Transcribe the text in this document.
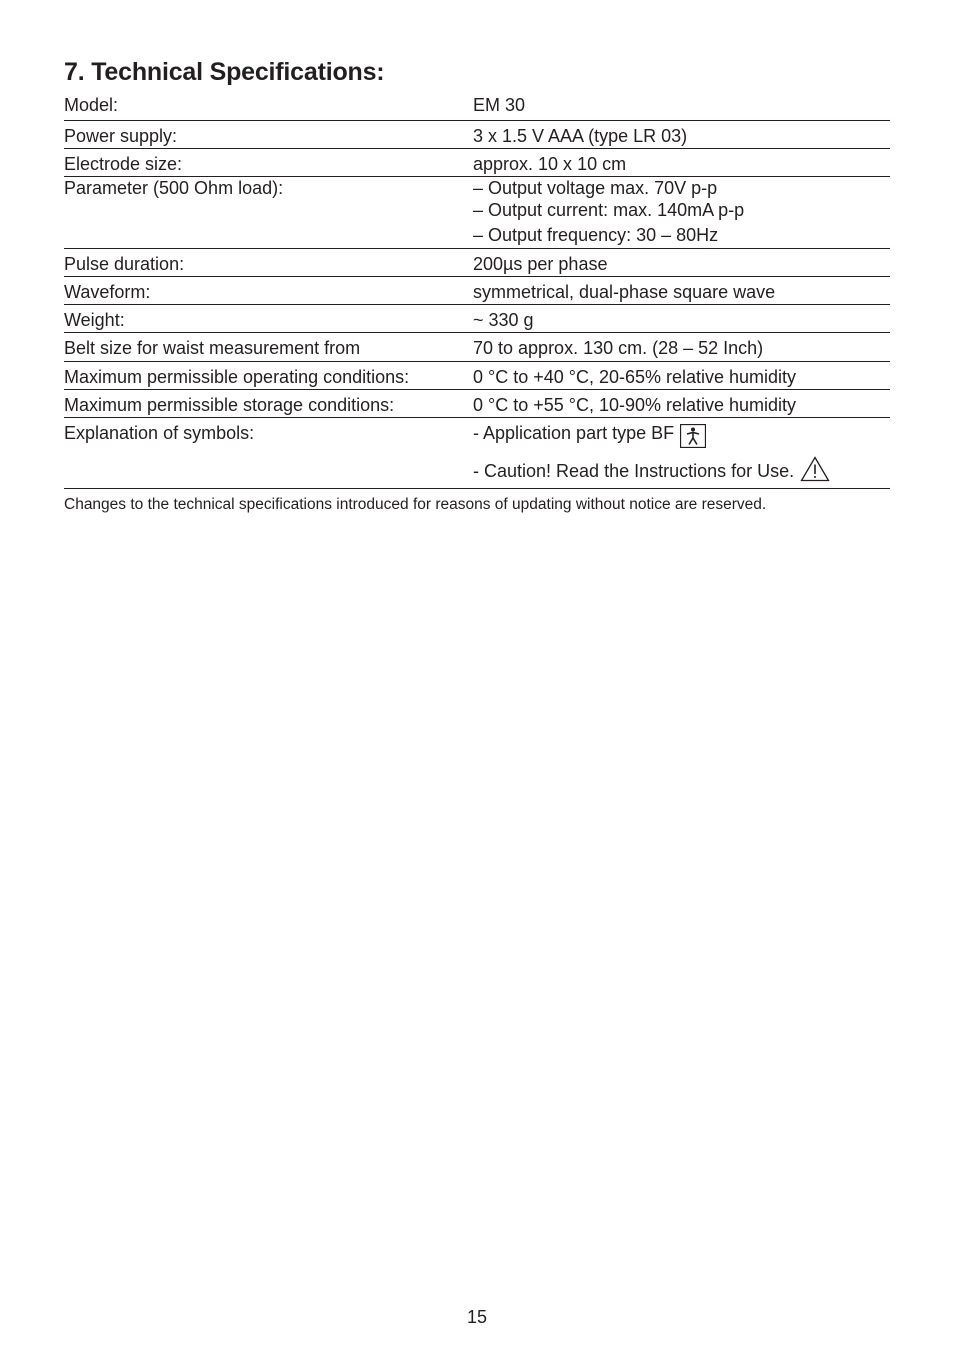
7. Technical Specifications:
Model:	EM 30
Power supply:	3 x 1.5 V AAA (type LR 03)
Electrode size:	approx. 10 x 10 cm
Parameter (500 Ohm load):	– Output voltage max. 70V p-p
– Output current: max. 140mA p-p
– Output frequency: 30 – 80Hz
Pulse duration:	200µs per phase
Waveform:	symmetrical, dual-phase square wave
Weight:	~ 330 g
Belt size for waist measurement from	70 to approx. 130 cm. (28 – 52 Inch)
Maximum permissible operating conditions:	0 °C to +40 °C, 20-65% relative humidity
Maximum permissible storage conditions:	0 °C to +55 °C, 10-90% relative humidity
Explanation of symbols:	- Application part type BF
- Caution! Read the Instructions for Use.
Changes to the technical specifications introduced for reasons of updating without notice are reserved.
15
